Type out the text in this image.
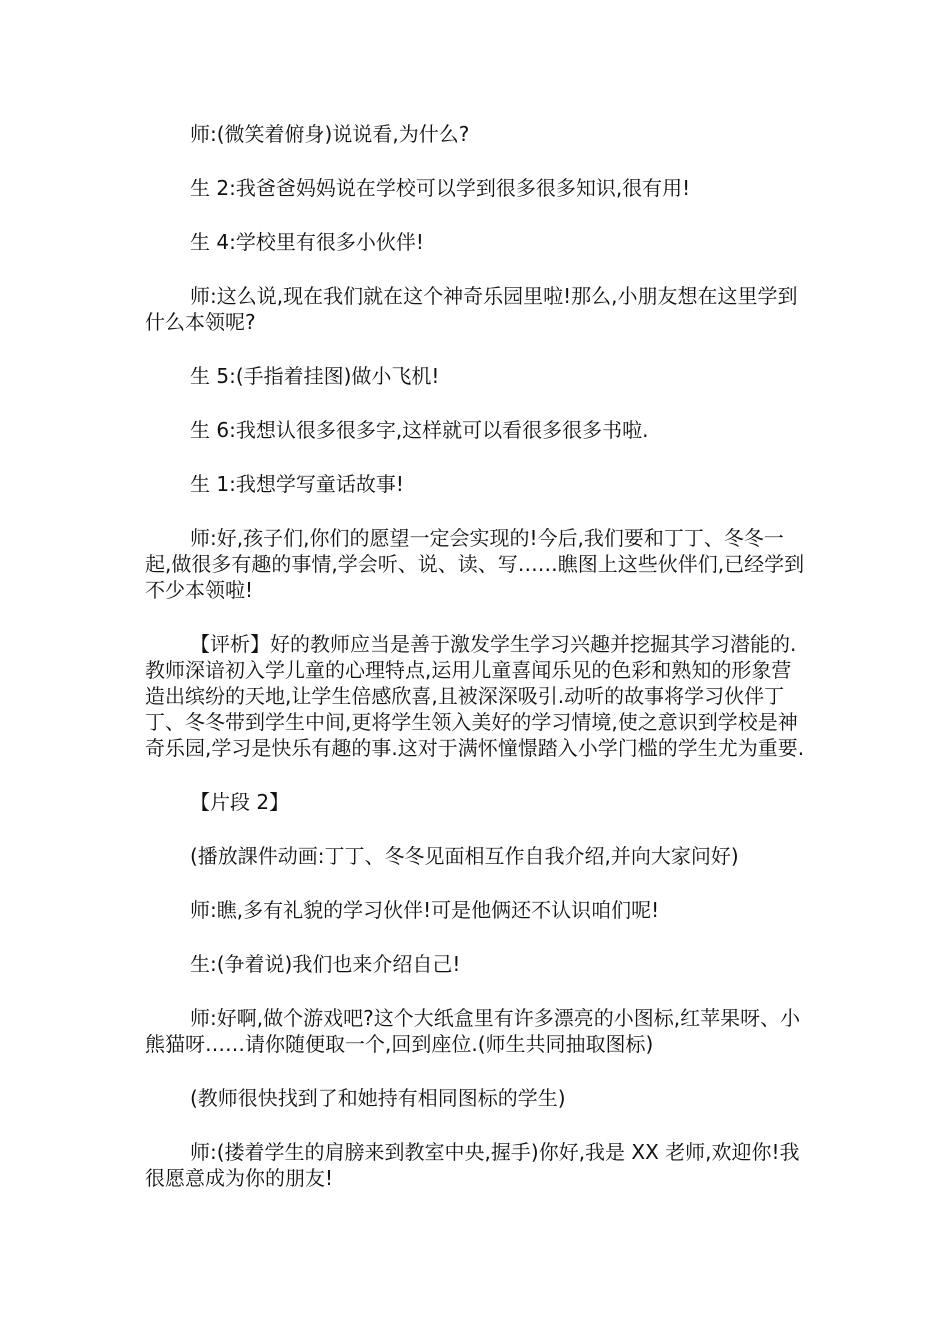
师:(微笑着俯身)说说看,为什么?

生 2:我爸爸妈妈说在学校可以学到很多很多知识,很有用!

生 4:学校里有很多小伙伴!

师:这么说,现在我们就在这个神奇乐园里啦!那么,小朋友想在这里学到什么本领呢?

生 5:(手指着挂图)做小飞机!

生 6:我想认很多很多字,这样就可以看很多很多书啦.

生 1:我想学写童话故事!

师:好,孩子们,你们的愿望一定会实现的!今后,我们要和丁丁、冬冬一起,做很多有趣的事情,学会听、说、读、写……瞧图上这些伙伴们,已经学到不少本领啦!

【评析】好的教师应当是善于激发学生学习兴趣并挖掘其学习潜能的.教师深谙初入学儿童的心理特点,运用儿童喜闻乐见的色彩和熟知的形象营造出缤纷的天地,让学生倍感欣喜,且被深深吸引.动听的故事将学习伙伴丁丁、冬冬带到学生中间,更将学生领入美好的学习情境,使之意识到学校是神奇乐园,学习是快乐有趣的事.这对于满怀憧憬踏入小学门槛的学生尤为重要.

【片段 2】

(播放課件动画:丁丁、冬冬见面相互作自我介绍,并向大家问好)

师:瞧,多有礼貌的学习伙伴!可是他俩还不认识咱们呢!

生:(争着说)我们也来介绍自己!

师:好啊,做个游戏吧?这个大纸盒里有许多漂亮的小图标,红苹果呀、小熊猫呀……请你随便取一个,回到座位.(师生共同抽取图标)

(教师很快找到了和她持有相同图标的学生)

师:(搂着学生的肩膀来到教室中央,握手)你好,我是 XX 老师,欢迎你!我很愿意成为你的朋友!
